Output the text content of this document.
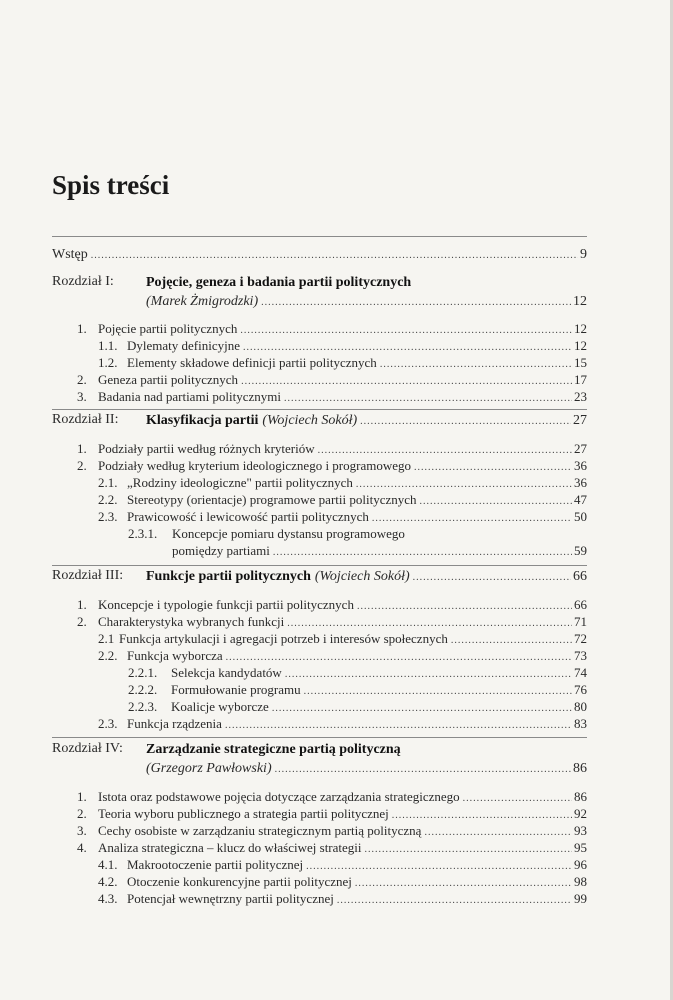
Spis treści
Wstęp .....	9
Rozdział I: Pojęcie, geneza i badania partii politycznych
(Marek Żmigrodzki) .....	12
1. Pojęcie partii politycznych .....	12
1.1. Dylematy definicyjne .....	12
1.2. Elementy składowe definicji partii politycznych .....	15
2. Geneza partii politycznych .....	17
3. Badania nad partiami politycznymi .....	23
Rozdział II: Klasyfikacja partii (Wojciech Sokół) .....	27
1. Podziały partii według różnych kryteriów .....	27
2. Podziały według kryterium ideologicznego i programowego .....	36
2.1. „Rodziny ideologiczne" partii politycznych .....	36
2.2. Stereotypy (orientacje) programowe partii politycznych .....	47
2.3. Prawicowość i lewicowość partii politycznych .....	50
2.3.1.	Koncepcje pomiaru dystansu programowego
pomiędzy partiami .....	59
Rozdział III: Funkcje partii politycznych (Wojciech Sokół) .....	66
1. Koncepcje i typologie funkcji partii politycznych .....	66
2. Charakterystyka wybranych funkcji .....	71
2.1 Funkcja artykulacji i agregacji potrzeb i interesów społecznych .....	72
2.2. Funkcja wyborcza .....	73
2.2.1.	Selekcja kandydatów .....	74
2.2.2.	Formułowanie programu .....	76
2.2.3.	Koalicje wyborcze .....	80
2.3. Funkcja rządzenia .....	83
Rozdział IV: Zarządzanie strategiczne partią polityczną
(Grzegorz Pawłowski) .....	86
1. Istota oraz podstawowe pojęcia dotyczące zarządzania strategicznego .....	86
2. Teoria wyboru publicznego a strategia partii politycznej .....	92
3. Cechy osobiste w zarządzaniu strategicznym partią polityczną .....	93
4. Analiza strategiczna – klucz do właściwej strategii .....	95
4.1. Makrootoczenie partii politycznej .....	96
4.2. Otoczenie konkurencyjne partii politycznej .....	98
4.3. Potencjał wewnętrzny partii politycznej .....	99
